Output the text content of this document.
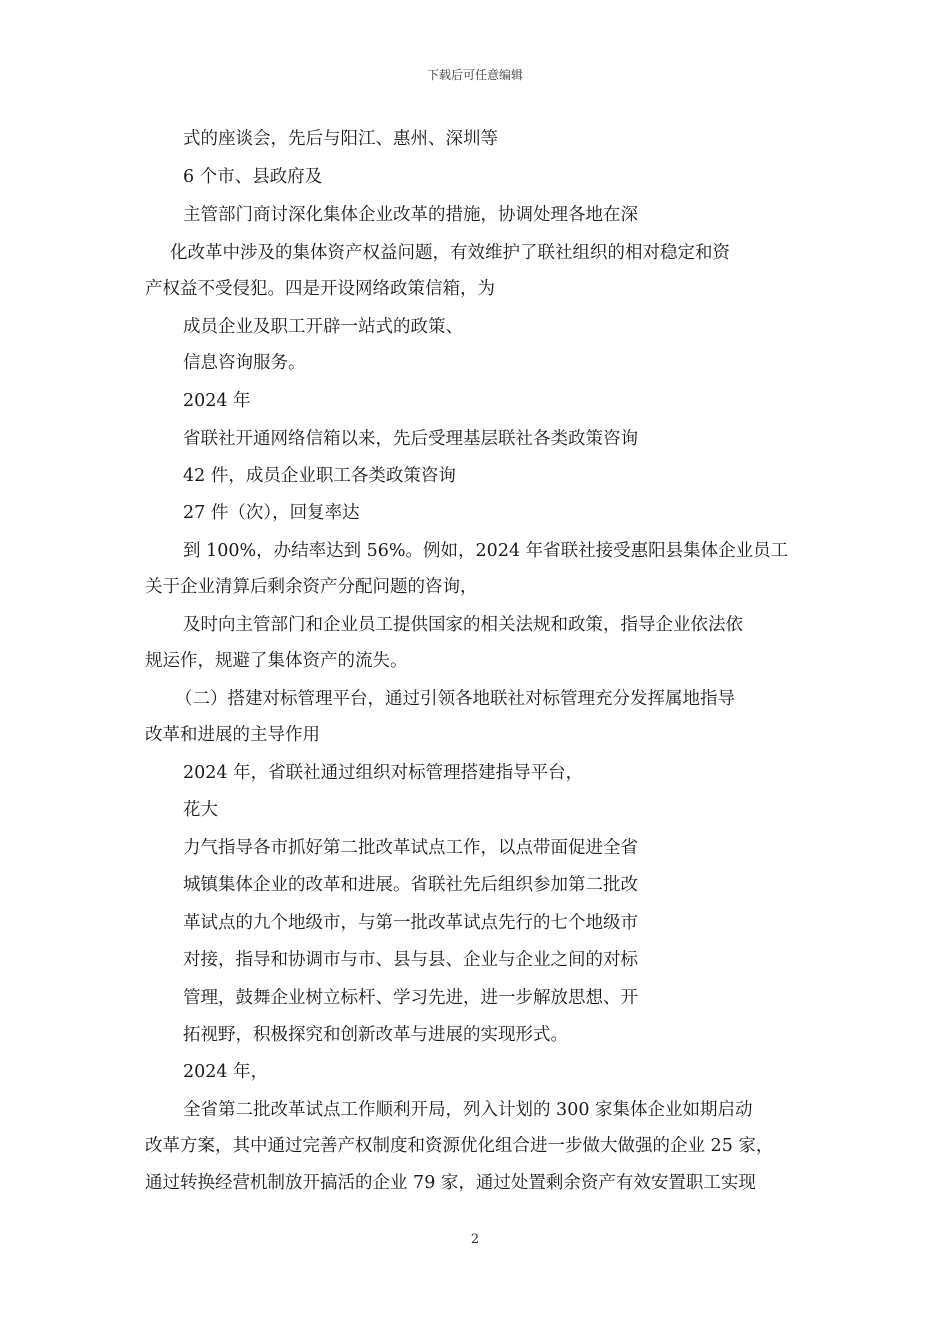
下载后可任意编辑
式的座谈会，先后与阳江、惠州、深圳等
6 个市、县政府及
主管部门商讨深化集体企业改革的措施，协调处理各地在深
化改革中涉及的集体资产权益问题，有效维护了联社组织的相对稳定和资
产权益不受侵犯。四是开设网络政策信箱，为
成员企业及职工开辟一站式的政策、
信息咨询服务。
2024 年
省联社开通网络信箱以来，先后受理基层联社各类政策咨询
42 件，成员企业职工各类政策咨询
27 件（次），回复率达
到 100%，办结率达到 56%。例如，2024 年省联社接受惠阳县集体企业员工
关于企业清算后剩余资产分配问题的咨询，
及时向主管部门和企业员工提供国家的相关法规和政策，指导企业依法依
规运作，规避了集体资产的流失。
（二）搭建对标管理平台，通过引领各地联社对标管理充分发挥属地指导
改革和进展的主导作用
2024 年，省联社通过组织对标管理搭建指导平台，
花大
力气指导各市抓好第二批改革试点工作，以点带面促进全省
城镇集体企业的改革和进展。省联社先后组织参加第二批改
革试点的九个地级市，与第一批改革试点先行的七个地级市
对接，指导和协调市与市、县与县、企业与企业之间的对标
管理，鼓舞企业树立标杆、学习先进，进一步解放思想、开
拓视野，积极探究和创新改革与进展的实现形式。
2024 年，
全省第二批改革试点工作顺利开局，列入计划的 300 家集体企业如期启动
改革方案，其中通过完善产权制度和资源优化组合进一步做大做强的企业 25 家，
通过转换经营机制放开搞活的企业 79 家，通过处置剩余资产有效安置职工实现
2
